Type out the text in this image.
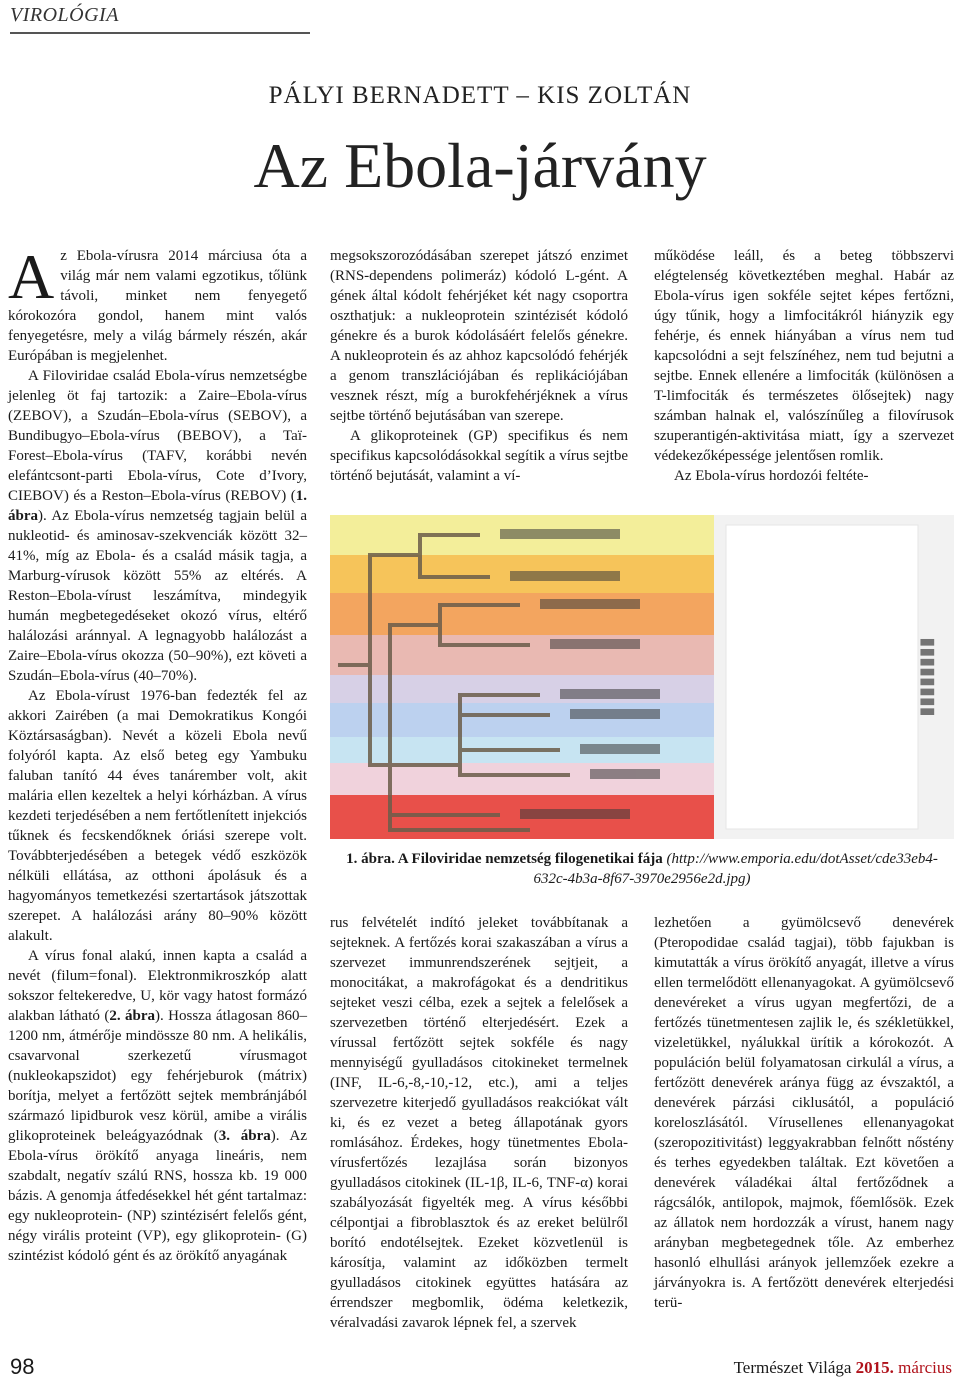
VIROLÓGIA
PÁLYI BERNADETT – KIS ZOLTÁN
Az Ebola-járvány

Az Ebola-vírusra 2014 márciusa óta a világ már nem valami egzotikus, tőlünk távoli, minket nem fenyegető kórokozóra gondol, hanem mint valós fenyegetésre, mely a világ bármely részén, akár Európában is megjelenhet.

A Filoviridae család Ebola-vírus nemzetségbe jelenleg öt faj tartozik: a Zaire–Ebola-vírus (ZEBOV), a Szudán–Ebola-vírus (SEBOV), a Bundibugyo–Ebola-vírus (BEBOV), a Taï-Forest–Ebola-vírus (TAFV, korábbi nevén elefántcsont-parti Ebola-vírus, Cote d’Ivory, CIEBOV) és a Reston–Ebola-vírus (REBOV) (1. ábra). Az Ebola-vírus nemzetség tagjain belül a nukleotid- és aminosav-szekvenciák között 32–41%, míg az Ebola- és a család másik tagja, a Marburg-vírusok között 55% az eltérés. A Reston–Ebola-vírust leszámítva, mindegyik humán megbetegedéseket okozó vírus, eltérő halálozási aránnyal. A legnagyobb halálozást a Zaire–Ebola-vírus okozza (50–90%), ezt követi a Szudán–Ebola-vírus (40–70%).

Az Ebola-vírust 1976-ban fedezték fel az akkori Zairében (a mai Demokratikus Kongói Köztársaságban). Nevét a közeli Ebola nevű folyóról kapta. Az első beteg egy Yambuku faluban tanító 44 éves tanárember volt, akit malária ellen kezeltek a helyi kórházban. A vírus kezdeti terjedésében a nem fertőtlenített injekciós tűknek és fecskendőknek óriási szerepe volt. Továbbterjedésében a betegek védő eszközök nélküli ellátása, az otthoni ápolásuk és a hagyományos temetkezési szertartások játszottak szerepet. A halálozási arány 80–90% között alakult.

A vírus fonal alakú, innen kapta a család a nevét (filum=fonal). Elektronmikroszkóp alatt sokszor feltekeredve, U, kör vagy hatost formázó alakban látható (2. ábra). Hossza átlagosan 860–1200 nm, átmérője mindössze 80 nm. A helikális, csavarvonal szerkezetű vírusmagot (nukleokapszidot) egy fehérjeburok (mátrix) borítja, melyet a fertőzött sejtek membránjából származó lipidburok vesz körül, amibe a virális glikoproteinek beleágyazódnak (3. ábra). Az Ebola-vírus örökítő anyaga lineáris, nem szabdalt, negatív szálú RNS, hossza kb. 19 000 bázis. A genomja átfedésekkel hét gént tartalmaz: egy nukleoprotein- (NP) szintézisért felelős gént, négy virális proteint (VP), egy glikoprotein- (G) szintézist kódoló gént és az örökítő anyagának

megsokszorozódásában szerepet játszó enzimet (RNS-dependens polimeráz) kódoló L-gént. A gének által kódolt fehérjéket két nagy csoportra oszthatjuk: a nukleoprotein szintézisét kódoló génekre és a burok kódolásáért felelős génekre. A nukleoprotein és az ahhoz kapcsolódó fehérjék a genom transzlációjában és replikációjában vesznek részt, míg a burokfehérjéknek a vírus sejtbe történő bejutásában van szerepe.

A glikoproteinek (GP) specifikus és nem specifikus kapcsolódásokkal segítik a vírus sejtbe történő bejutását, valamint a ví-

működése leáll, és a beteg többszervi elégtelenség következtében meghal. Habár az Ebola-vírus igen sokféle sejtet képes fertőzni, úgy tűnik, hogy a limfocitákról hiányzik egy fehérje, és ennek hiányában a vírus nem tud kapcsolódni a sejt felszínéhez, nem tud bejutni a sejtbe. Ennek ellenére a limfociták (különösen a T-limfociták és természetes ölősejtek) nagy számban halnak el, valószínűleg a filovírusok szuperantigén-aktivitása miatt, így a szervezet védekezőképessége jelentősen romlik.

Az Ebola-vírus hordozói feltéte-

▮▮▮▮▮▮▮▮
1. ábra. A Filoviridae nemzetség filogenetikai fája (http://www.emporia.edu/dotAsset/cde33eb4-632c-4b3a-8f67-3970e2956e2d.jpg)

rus felvételét indító jeleket továbbítanak a sejteknek. A fertőzés korai szakaszában a vírus a szervezet immunrendszerének sejtjeit, a monocitákat, a makrofágokat és a dendritikus sejteket veszi célba, ezek a sejtek a felelősek a szervezetben történő elterjedésért. Ezek a vírussal fertőzött sejtek sokféle és nagy mennyiségű gyulladásos citokineket termelnek (INF, IL-6,-8,-10,-12, etc.), ami a teljes szervezetre kiterjedő gyulladásos reakciókat vált ki, és ez vezet a beteg állapotának gyors romlásához. Érdekes, hogy tünetmentes Ebola-vírusfertőzés lezajlása során bizonyos gyulladásos citokinek (IL-1β, IL-6, TNF-α) korai szabályozását figyelték meg. A vírus későbbi célpontjai a fibroblasztok és az ereket belülről borító endotélsejtek. Ezeket közvetlenül is károsítja, valamint az időközben termelt gyulladásos citokinek együttes hatására az érrendszer megbomlik, ödéma keletkezik, véralvadási zavarok lépnek fel, a szervek

lezhetően a gyümölcsevő denevérek (Pteropodidae család tagjai), több fajukban is kimutatták a vírus örökítő anyagát, illetve a vírus ellen termelődött ellenanyagokat. A gyümölcsevő denevéreket a vírus ugyan megfertőzi, de a fertőzés tünetmentesen zajlik le, és székletükkel, vizeletükkel, nyálukkal ürítik a kórokozót. A populáción belül folyamatosan cirkulál a vírus, a fertőzött denevérek aránya függ az évszaktól, a denevérek párzási ciklusától, a populáció koreloszlásától. Vírusellenes ellenanyagokat (szeropozitivitást) leggyakrabban felnőtt nőstény és terhes egyedekben találtak. Ezt követően a denevérek váladékai által fertőződnek a rágcsálók, antilopok, majmok, főemlősök. Ezek az állatok nem hordozzák a vírust, hanem nagy arányban megbetegednek tőle. Az emberhez hasonló elhullási arányok jellemzőek ezekre a járványokra is. A fertőzött denevérek elterjedési terü-

98	Természet Világa 2015. március
